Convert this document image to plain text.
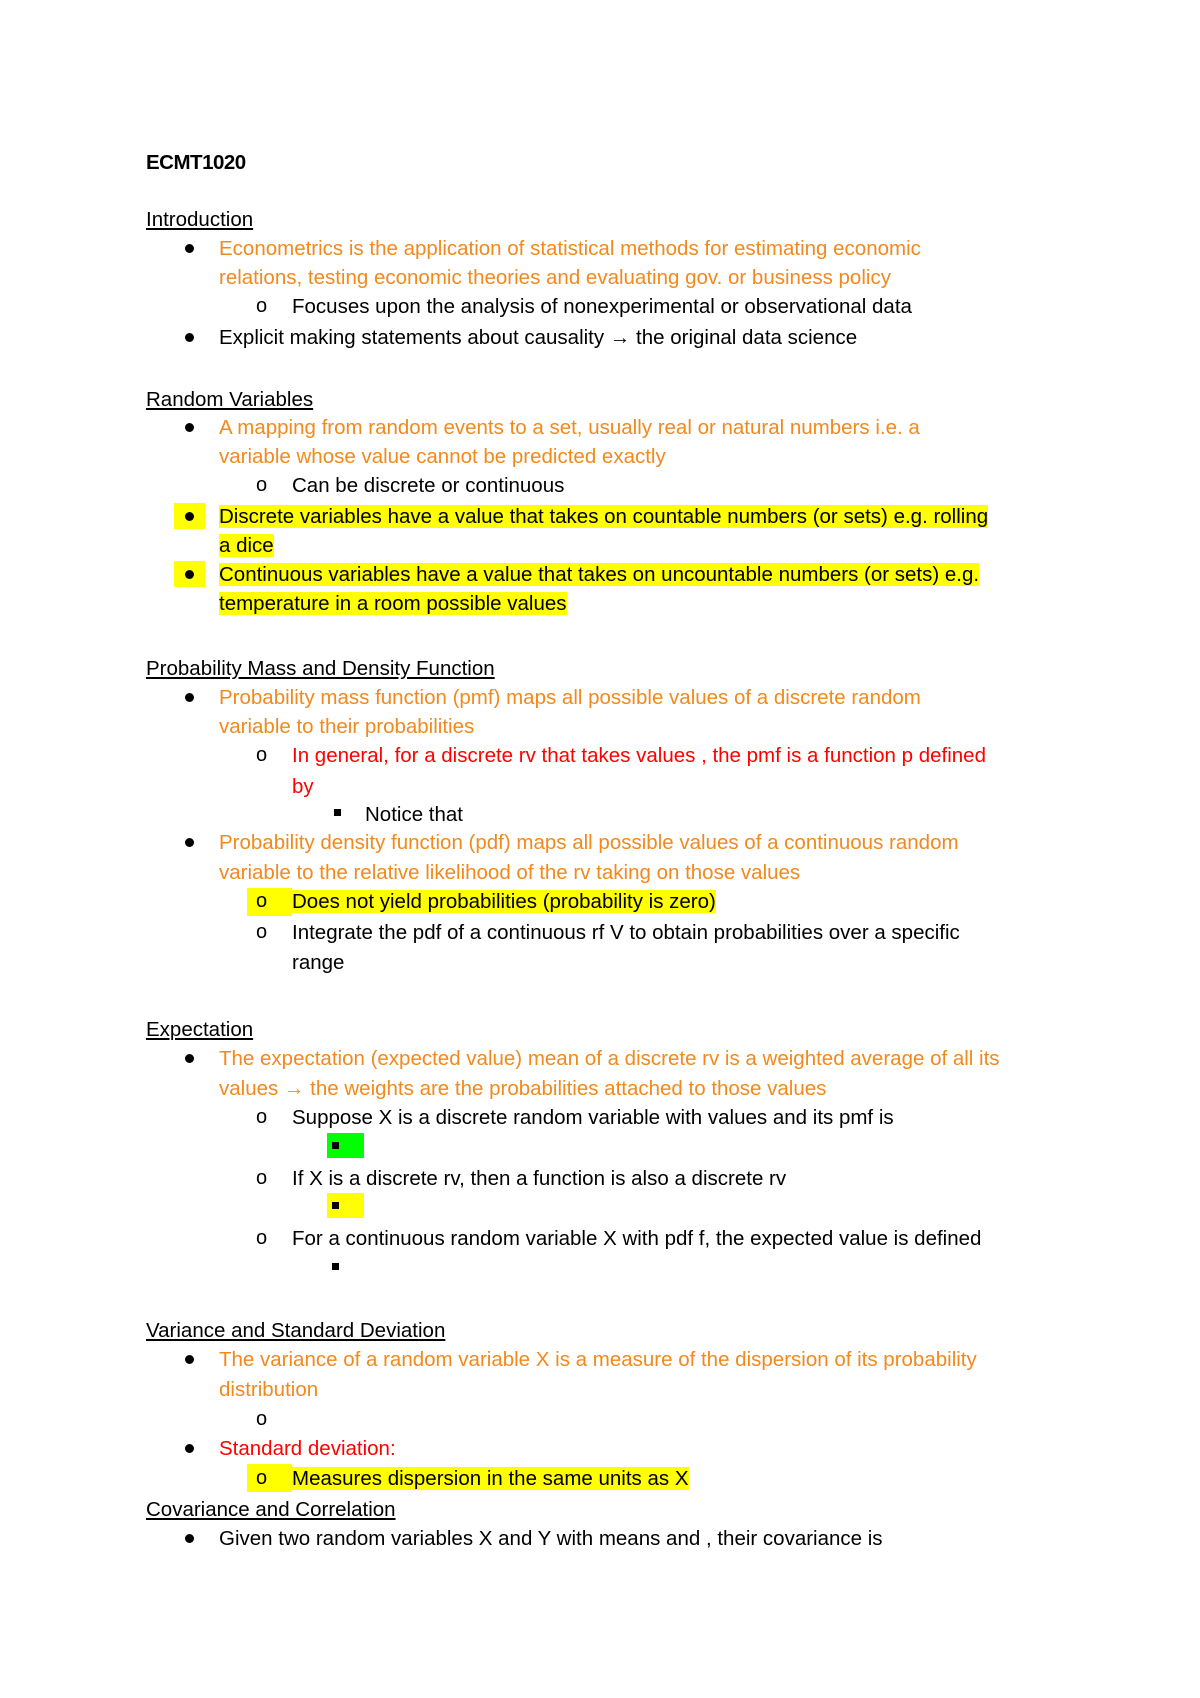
ECMT1020
Introduction
Econometrics is the application of statistical methods for estimating economic
relations, testing economic theories and evaluating gov. or business policy
o Focuses upon the analysis of nonexperimental or observational data
Explicit making statements about causality → the original data science
Random Variables
A mapping from random events to a set, usually real or natural numbers i.e. a
variable whose value cannot be predicted exactly
o Can be discrete or continuous
Discrete variables have a value that takes on countable numbers (or sets) e.g. rolling
a dice
Continuous variables have a value that takes on uncountable numbers (or sets) e.g.
temperature in a room possible values
Probability Mass and Density Function
Probability mass function (pmf) maps all possible values of a discrete random
variable to their probabilities
o In general, for a discrete rv that takes values , the pmf is a function p defined
by
Notice that
Probability density function (pdf) maps all possible values of a continuous random
variable to the relative likelihood of the rv taking on those values
o Does not yield probabilities (probability is zero)
o Integrate the pdf of a continuous rf V to obtain probabilities over a specific
range
Expectation
The expectation (expected value) mean of a discrete rv is a weighted average of all its
values → the weights are the probabilities attached to those values
o Suppose X is a discrete random variable with values and its pmf is
o If X is a discrete rv, then a function is also a discrete rv
o For a continuous random variable X with pdf f, the expected value is defined
Variance and Standard Deviation
The variance of a random variable X is a measure of the dispersion of its probability
distribution
o
Standard deviation:
o Measures dispersion in the same units as X
Covariance and Correlation
Given two random variables X and Y with means and , their covariance is
